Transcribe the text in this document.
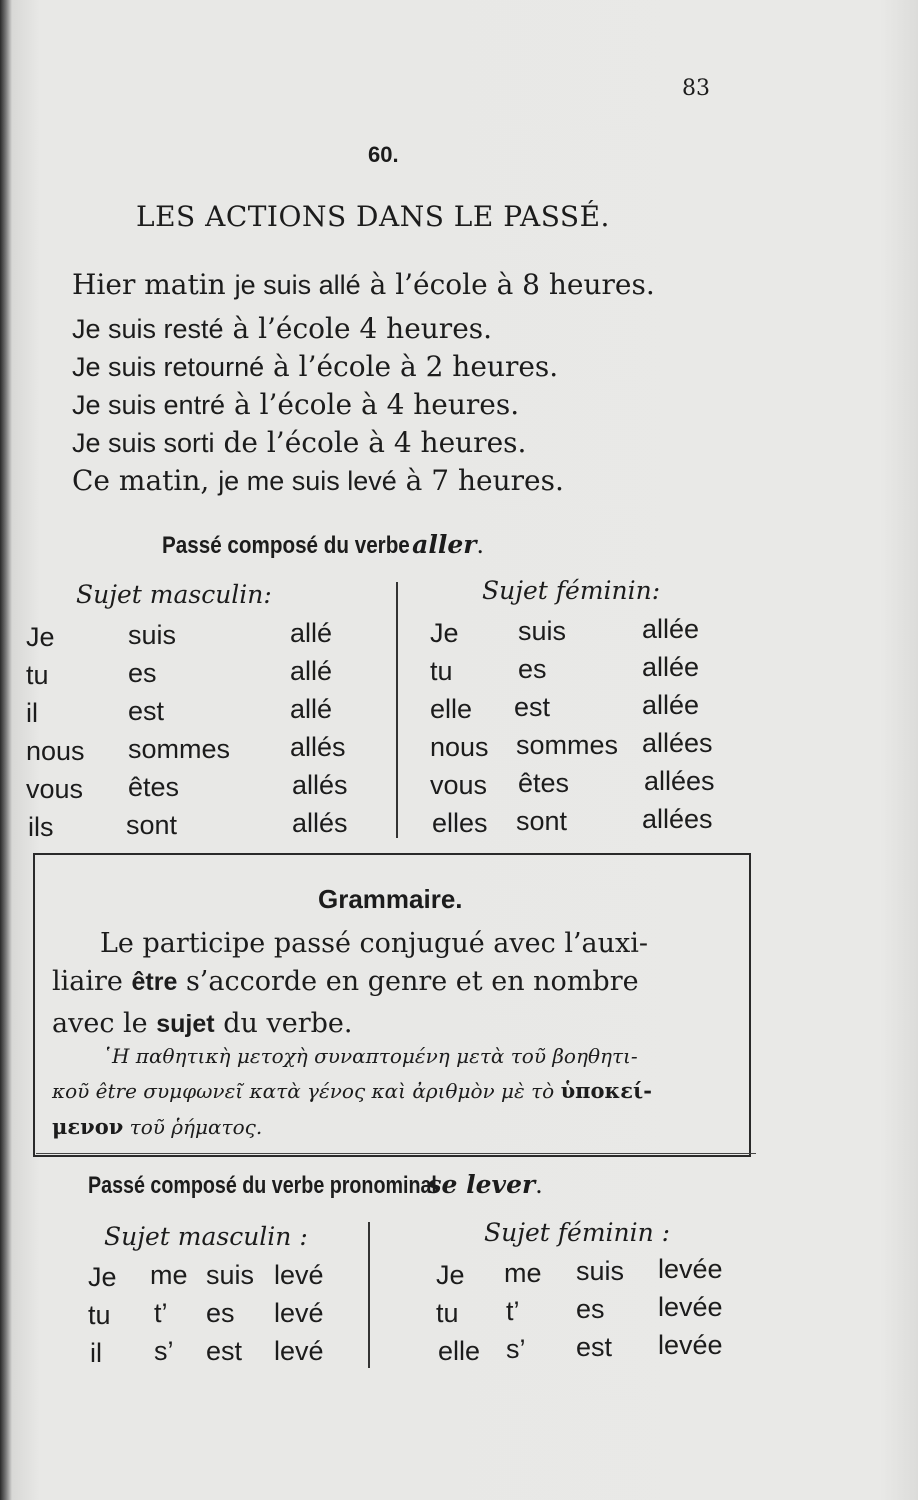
83
60.
LES ACTIONS DANS LE PASSÉ.
Hier matin je suis allé à l’école à 8 heures.
Je suis resté à l’école 4 heures.
Je suis retourné à l’école à 2 heures.
Je suis entré à l’école à 4 heures.
Je suis sorti de l’école à 4 heures.
Ce matin, je me suis levé à 7 heures.
Passé composé du verbealler.
Sujet masculin:	Sujet féminin:
Je	suis	allé
tu	es	allé
il	est	allé
nous sommes allés
vous êtes	allés
ils	sont	allés
Je suis	allée
tu es	allée
elle est	allée
nous sommes allées
vous êtes	allées
elles sont	allées
Grammaire.
Le participe passé conjugué avec l’auxi-
liaire être s’accorde en genre et en nombre
avec le sujet du verbe.
῾Η παθητικὴ μετοχὴ συναπτομένη μετὰ τοῦ βοηθητι-
κοῦ être συμφωνεῖ κατὰ γένος καὶ ἀριθμὸν μὲ τὸ ὑποκεί-
μενον τοῦ ῥήματος.
Passé composé du verbe pronominalse lever.
Sujet masculin :	Sujet féminin :
Je me suis levé
tu t’ es levé
il s’ est levé
Je me suis levée
tu t’ es levée
elle s’ est levée
